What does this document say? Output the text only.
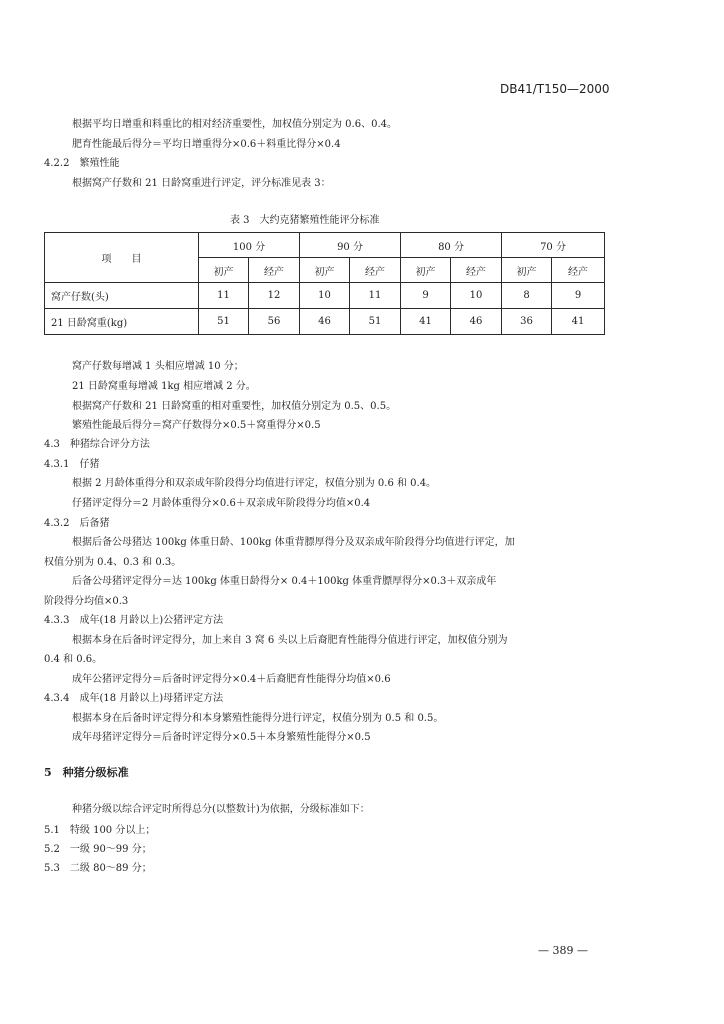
DB41/T150—2000
根据平均日增重和料重比的相对经济重要性，加权值分别定为 0.6、0.4。
肥育性能最后得分＝平均日增重得分×0.6＋料重比得分×0.4
4.2.2　繁殖性能
根据窝产仔数和 21 日龄窝重进行评定，评分标准见表 3：
表 3　大约克猪繁殖性能评分标准
项　　目	100 分		90 分		80 分		70 分	
	初产	经产	初产	经产	初产	经产	初产	经产
窝产仔数(头)	11	12	10	11	9	10	8	9
21 日龄窝重(kg)	51	56	46	51	41	46	36	41
窝产仔数每增减 1 头相应增减 10 分；
21 日龄窝重每增减 1kg 相应增减 2 分。
根据窝产仔数和 21 日龄窝重的相对重要性，加权值分别定为 0.5、0.5。
繁殖性能最后得分＝窝产仔数得分×0.5＋窝重得分×0.5
4.3　种猪综合评分方法
4.3.1　仔猪
根据 2 月龄体重得分和双亲成年阶段得分均值进行评定，权值分别为 0.6 和 0.4。
仔猪评定得分＝2 月龄体重得分×0.6＋双亲成年阶段得分均值×0.4
4.3.2　后备猪
根据后备公母猪达 100kg 体重日龄、100kg 体重背膘厚得分及双亲成年阶段得分均值进行评定，加
权值分别为 0.4、0.3 和 0.3。
后备公母猪评定得分＝达 100kg 体重日龄得分× 0.4＋100kg 体重背膘厚得分×0.3＋双亲成年
阶段得分均值×0.3
4.3.3　成年(18 月龄以上)公猪评定方法
根据本身在后备时评定得分，加上来自 3 窝 6 头以上后裔肥育性能得分值进行评定，加权值分别为
0.4 和 0.6。
成年公猪评定得分＝后备时评定得分×0.4＋后裔肥育性能得分均值×0.6
4.3.4　成年(18 月龄以上)母猪评定方法
根据本身在后备时评定得分和本身繁殖性能得分进行评定，权值分别为 0.5 和 0.5。
成年母猪评定得分＝后备时评定得分×0.5＋本身繁殖性能得分×0.5
5　种猪分级标准
种猪分级以综合评定时所得总分(以整数计)为依据，分级标准如下：
5.1　特级 100 分以上；
5.2　一级 90～99 分；
5.3　二级 80～89 分；
— 389 —
